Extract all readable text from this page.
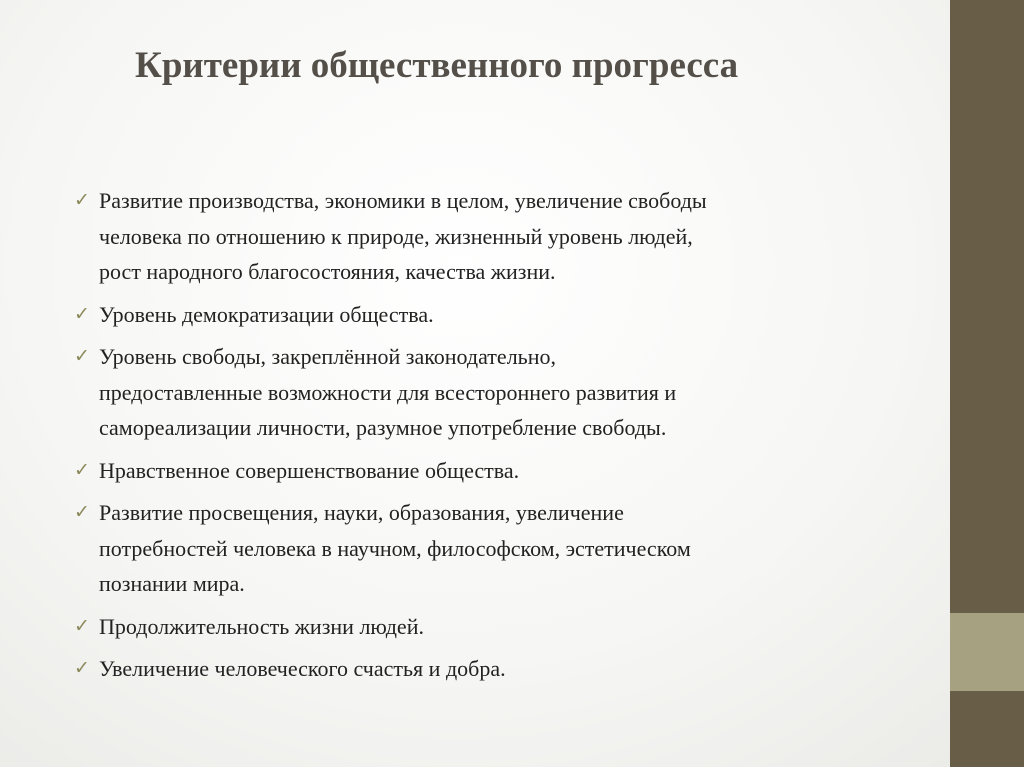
Критерии общественного прогресса
✓ Развитие производства, экономики в целом, увеличение свободы
человека по отношению к природе, жизненный уровень людей,
рост народного благосостояния, качества жизни.
✓ Уровень демократизации общества.
✓ Уровень свободы, закреплённой законодательно,
предоставленные возможности для всестороннего развития и
самореализации личности, разумное употребление свободы.
✓ Нравственное совершенствование общества.
✓ Развитие просвещения, науки, образования, увеличение
потребностей человека в научном, философском, эстетическом
познании мира.
✓ Продолжительность жизни людей.
✓ Увеличение человеческого счастья и добра.
